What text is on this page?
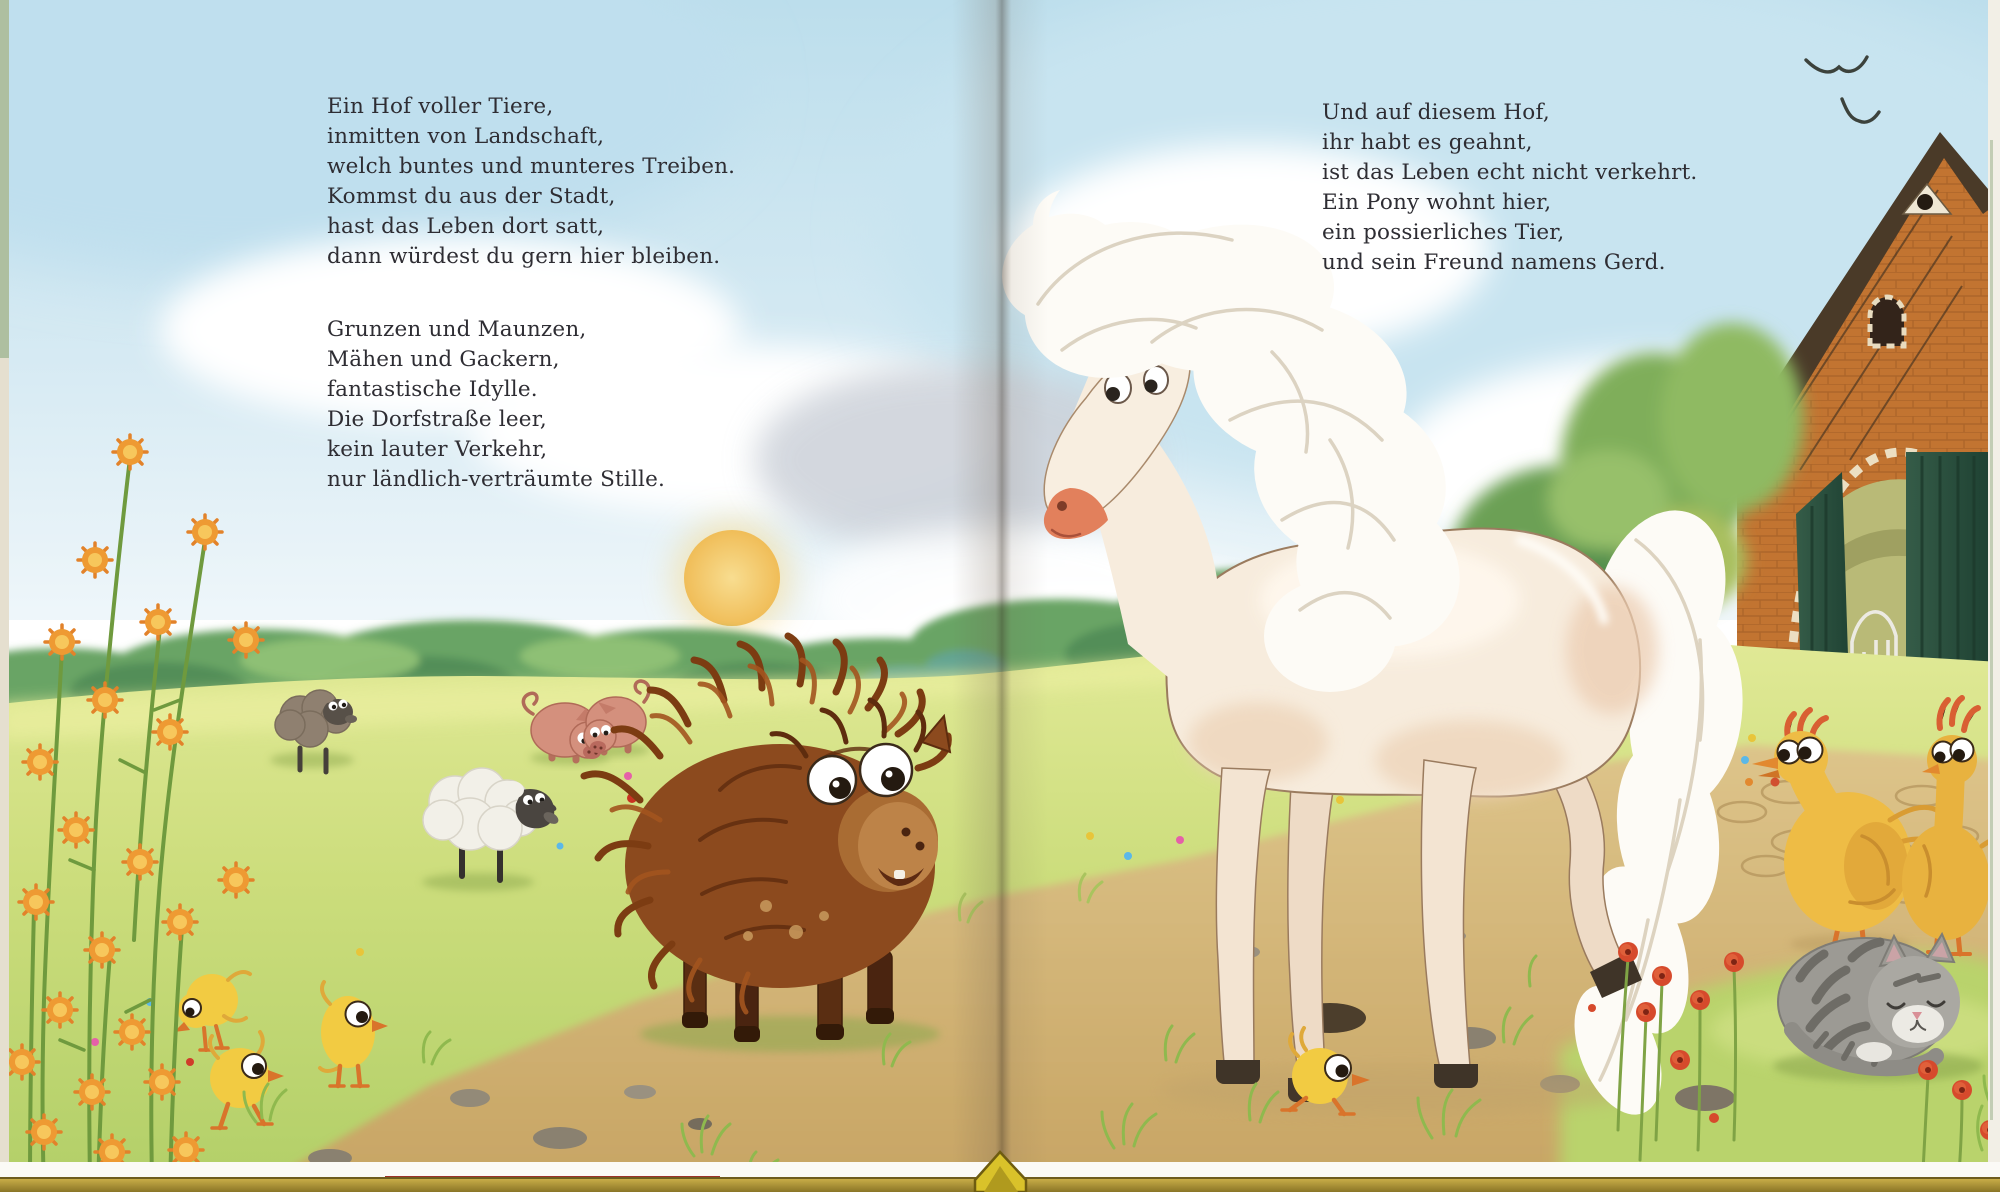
Ein Hof voller Tiere,
inmitten von Landschaft,
welch buntes und munteres Treiben.
Kommst du aus der Stadt,
hast das Leben dort satt,
dann würdest du gern hier bleiben.
Grunzen und Maunzen,
Mähen und Gackern,
fantastische Idylle.
Die Dorfstraße leer,
kein lauter Verkehr,
nur ländlich-verträumte Stille.
Und auf diesem Hof,
ihr habt es geahnt,
ist das Leben echt nicht verkehrt.
Ein Pony wohnt hier,
ein possierliches Tier,
und sein Freund namens Gerd.
